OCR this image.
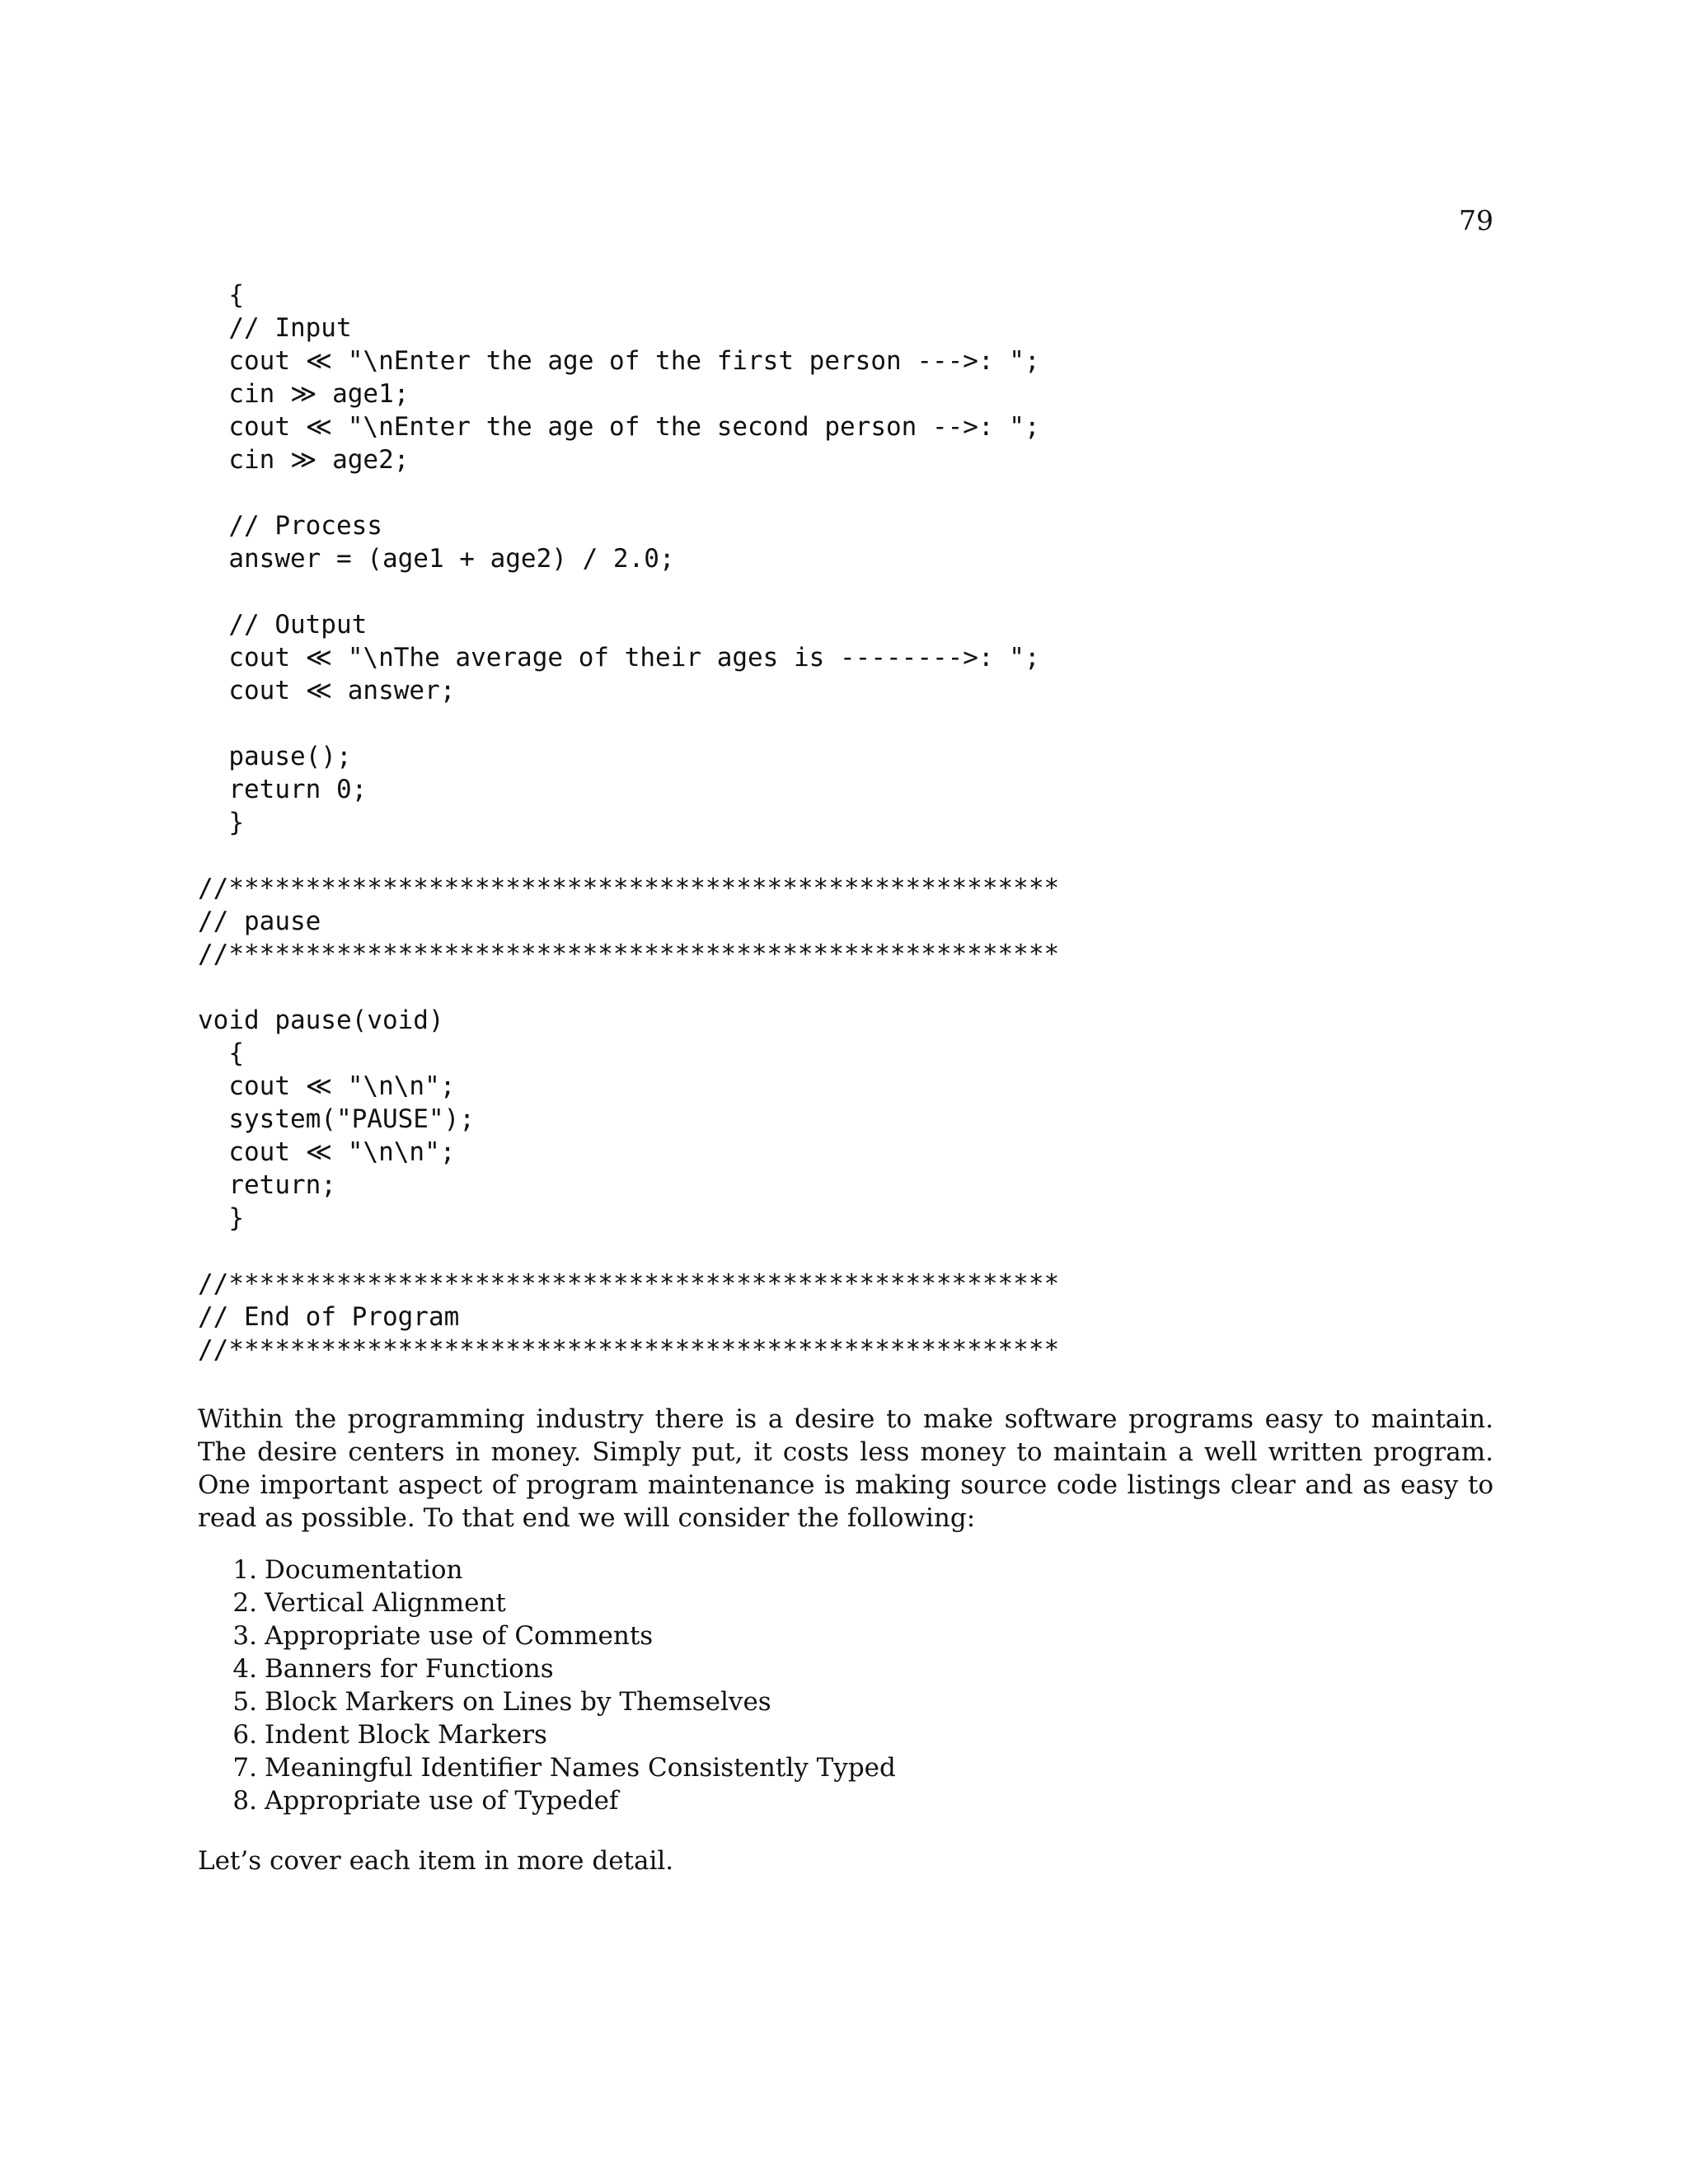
79
{
// Input
cout ≪ "\nEnter the age of the first person --->: ";
cin ≫ age1;
cout ≪ "\nEnter the age of the second person -->: ";
cin ≫ age2;
// Process
answer = (age1 + age2) / 2.0;
// Output
cout ≪ "\nThe average of their ages is -------->: ";
cout ≪ answer;
pause();
return 0;
}
//******************************************************
// pause
//******************************************************
void pause(void)
{
cout ≪ "\n\n";
system("PAUSE");
cout ≪ "\n\n";
return;
}
//******************************************************
// End of Program
//******************************************************

Within the programming industry there is a desire to make software programs easy to maintain. The desire centers in money. Simply put, it costs less money to maintain a well written program. One important aspect of program maintenance is making source code listings clear and as easy to read as possible. To that end we will consider the following:

1. Documentation
2. Vertical Alignment
3. Appropriate use of Comments
4. Banners for Functions
5. Block Markers on Lines by Themselves
6. Indent Block Markers
7. Meaningful Identifier Names Consistently Typed
8. Appropriate use of Typedef

Let’s cover each item in more detail.
